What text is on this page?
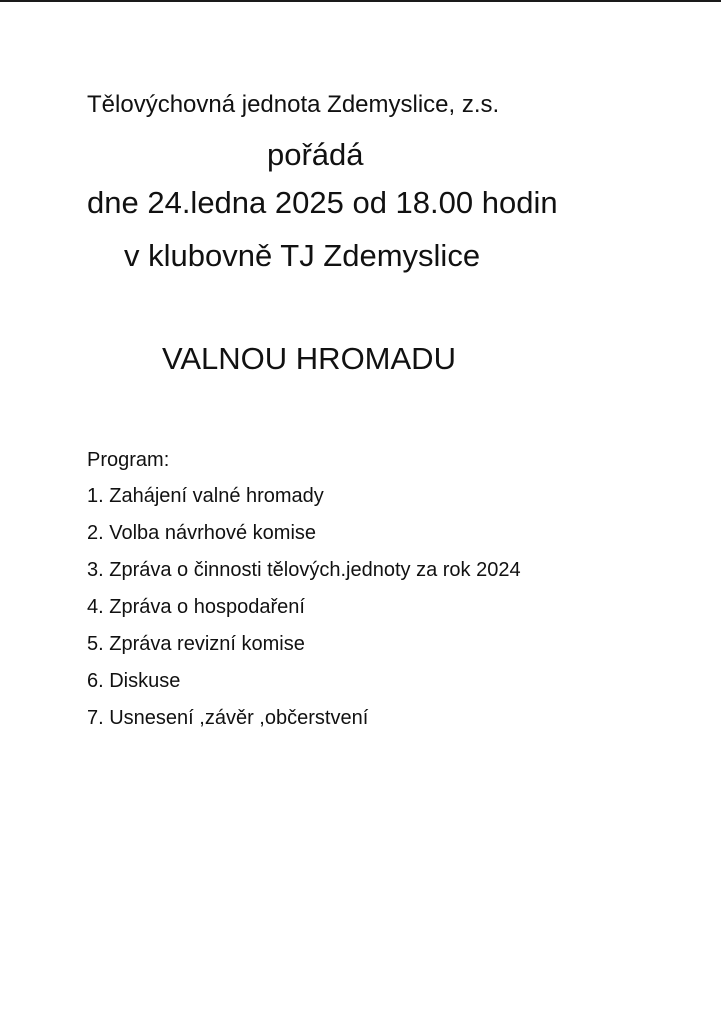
Tělovýchovná jednota Zdemyslice, z.s.
pořádá
dne 24.ledna 2025 od 18.00 hodin
v klubovně TJ Zdemyslice
VALNOU HROMADU
Program:
1. Zahájení valné hromady
2. Volba návrhové komise
3. Zpráva o činnosti tělových.jednoty za rok 2024
4. Zpráva o hospodaření
5. Zpráva revizní komise
6. Diskuse
7. Usnesení ,závěr ,občerstvení
